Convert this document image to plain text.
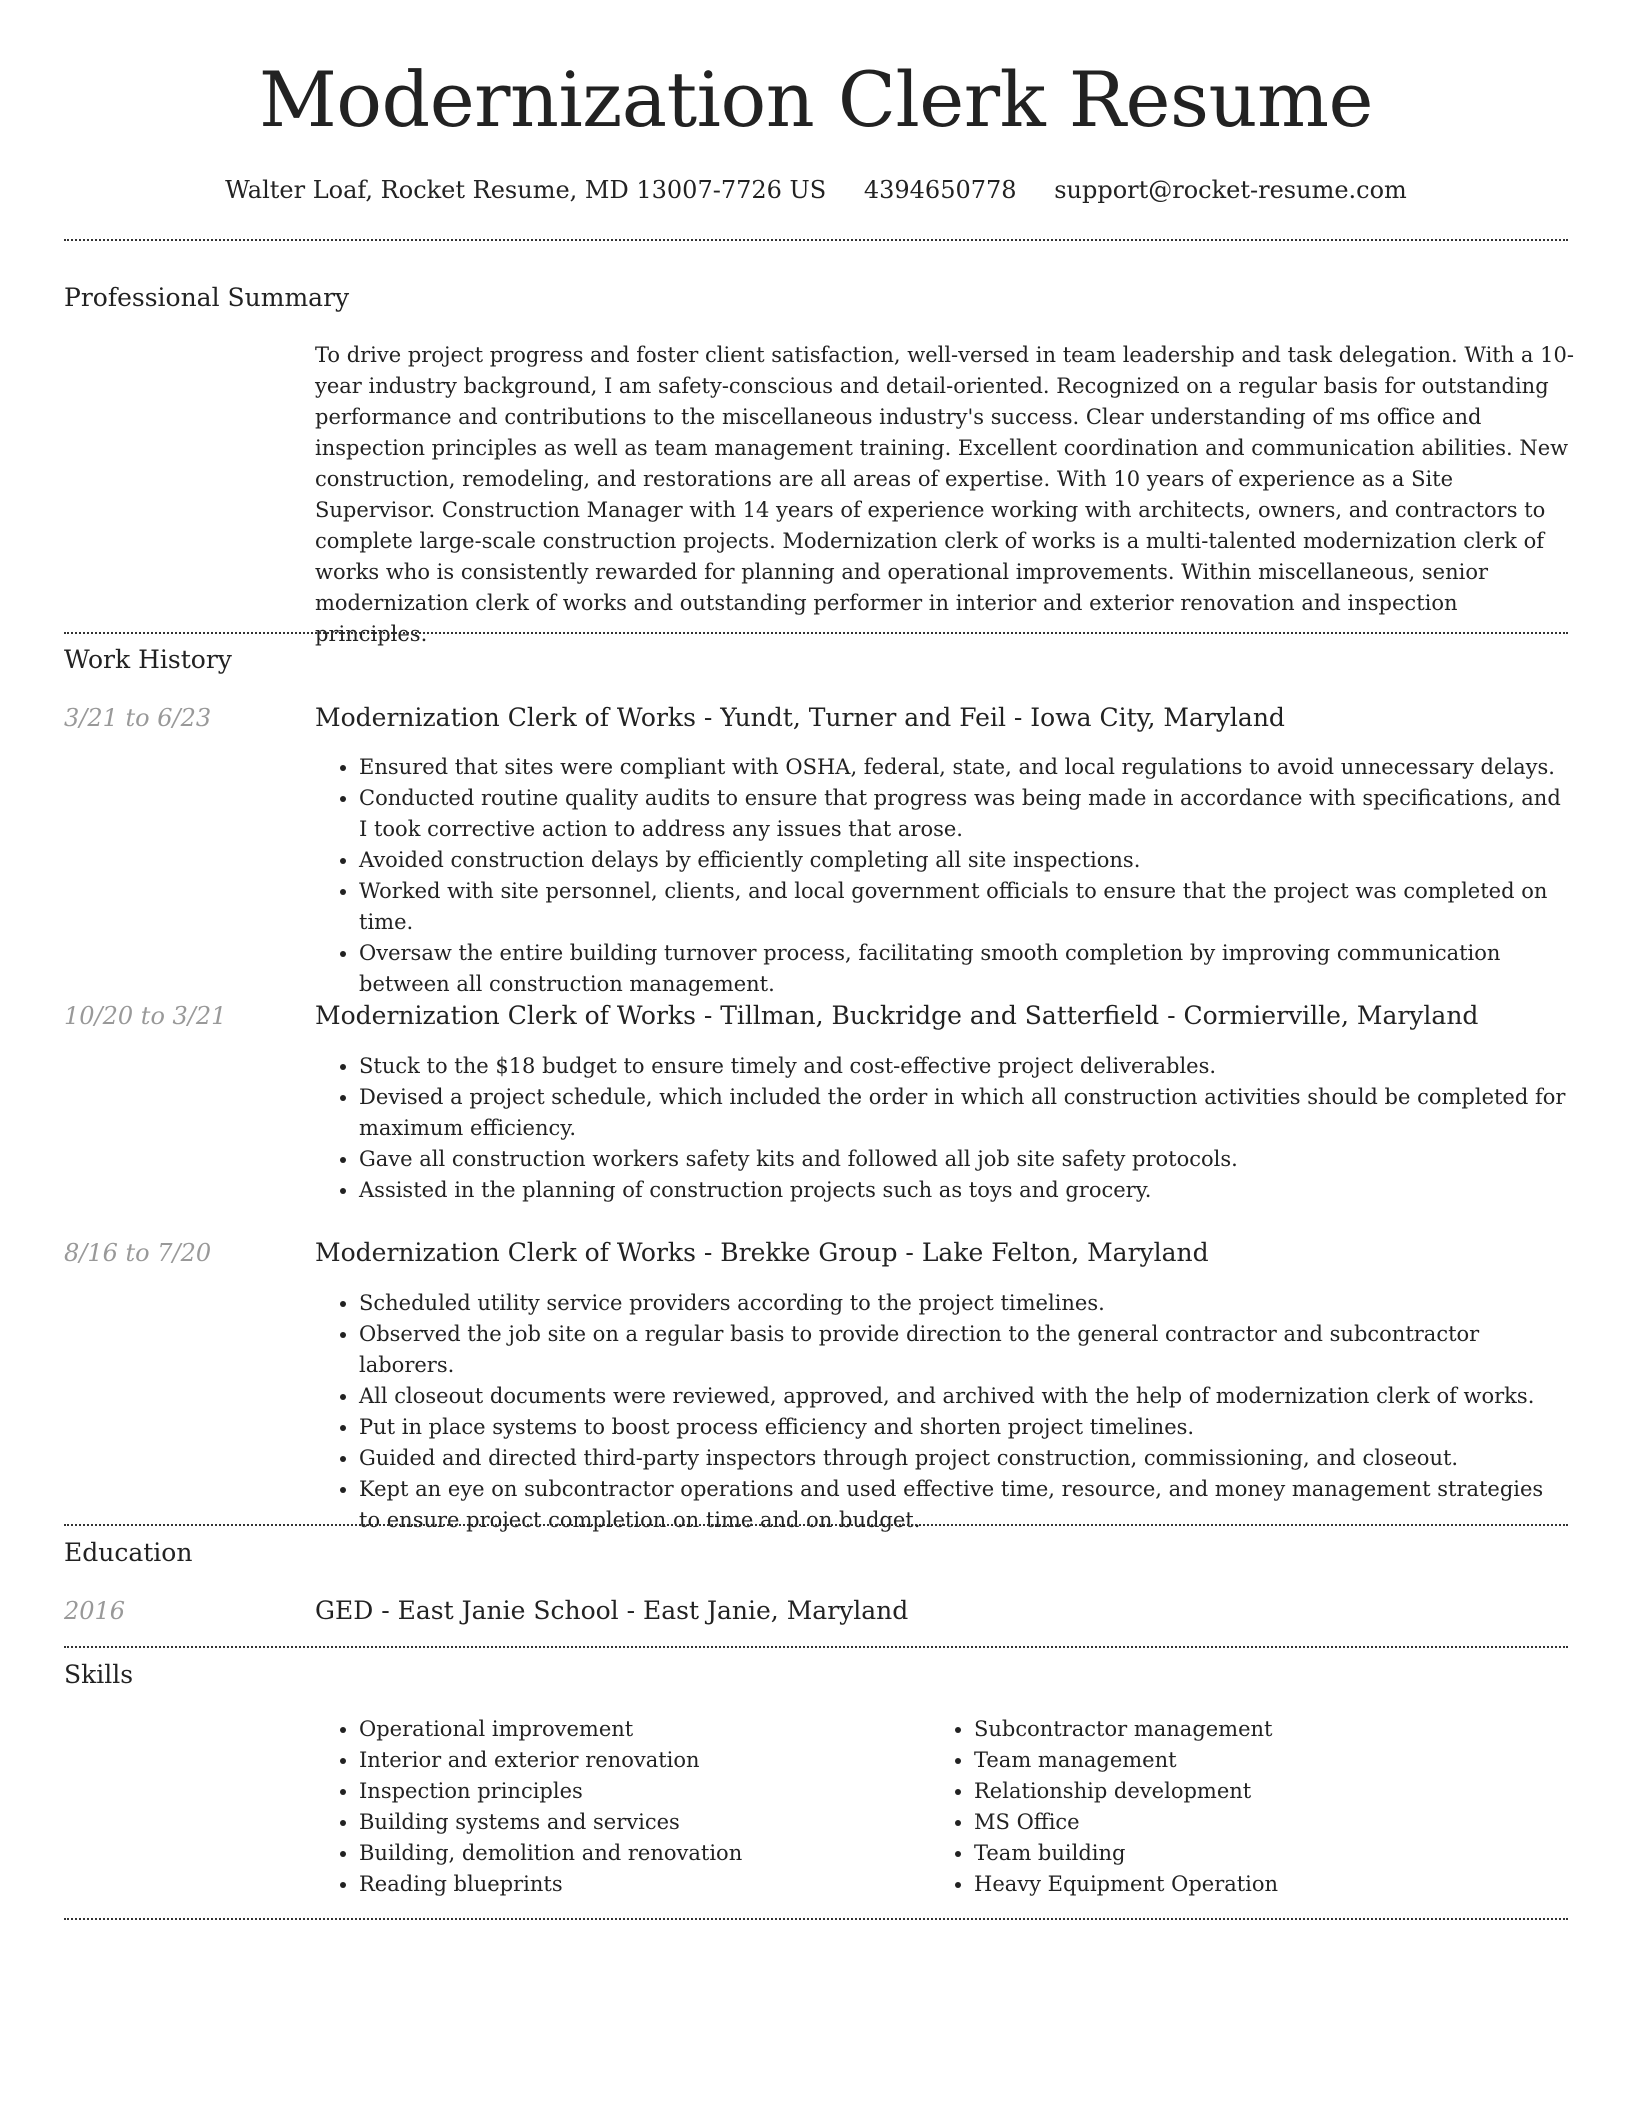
Modernization Clerk Resume
Walter Loaf, Rocket Resume, MD 13007-7726 US 4394650778 support@rocket-resume.com
Professional Summary

To drive project progress and foster client satisfaction, well-versed in team leadership and task delegation. With a 10-year industry background, I am safety-conscious and detail-oriented. Recognized on a regular basis for outstanding performance and contributions to the miscellaneous industry's success. Clear understanding of ms office and inspection principles as well as team management training. Excellent coordination and communication abilities. New construction, remodeling, and restorations are all areas of expertise. With 10 years of experience as a Site Supervisor. Construction Manager with 14 years of experience working with architects, owners, and contractors to complete large-scale construction projects. Modernization clerk of works is a multi-talented modernization clerk of works who is consistently rewarded for planning and operational improvements. Within miscellaneous, senior modernization clerk of works and outstanding performer in interior and exterior renovation and inspection principles.

Work History
3/21 to 6/23	Modernization Clerk of Works - Yundt, Turner and Feil - Iowa City, Maryland
• Ensured that sites were compliant with OSHA, federal, state, and local regulations to avoid unnecessary delays.
• Conducted routine quality audits to ensure that progress was being made in accordance with specifications, and I took corrective action to address any issues that arose.
• Avoided construction delays by efficiently completing all site inspections.
• Worked with site personnel, clients, and local government officials to ensure that the project was completed on time.
• Oversaw the entire building turnover process, facilitating smooth completion by improving communication between all construction management.
10/20 to 3/21	Modernization Clerk of Works - Tillman, Buckridge and Satterfield - Cormierville, Maryland
• Stuck to the $18 budget to ensure timely and cost-effective project deliverables.
• Devised a project schedule, which included the order in which all construction activities should be completed for maximum efficiency.
• Gave all construction workers safety kits and followed all job site safety protocols.
• Assisted in the planning of construction projects such as toys and grocery.
8/16 to 7/20	Modernization Clerk of Works - Brekke Group - Lake Felton, Maryland
• Scheduled utility service providers according to the project timelines.
• Observed the job site on a regular basis to provide direction to the general contractor and subcontractor laborers.
• All closeout documents were reviewed, approved, and archived with the help of modernization clerk of works.
• Put in place systems to boost process efficiency and shorten project timelines.
• Guided and directed third-party inspectors through project construction, commissioning, and closeout.
• Kept an eye on subcontractor operations and used effective time, resource, and money management strategies to ensure project completion on time and on budget.
Education
2016	GED - East Janie School - East Janie, Maryland
Skills
• Operational improvement
• Interior and exterior renovation
• Inspection principles
• Building systems and services
• Building, demolition and renovation
• Reading blueprints
• Subcontractor management
• Team management
• Relationship development
• MS Office
• Team building
• Heavy Equipment Operation
